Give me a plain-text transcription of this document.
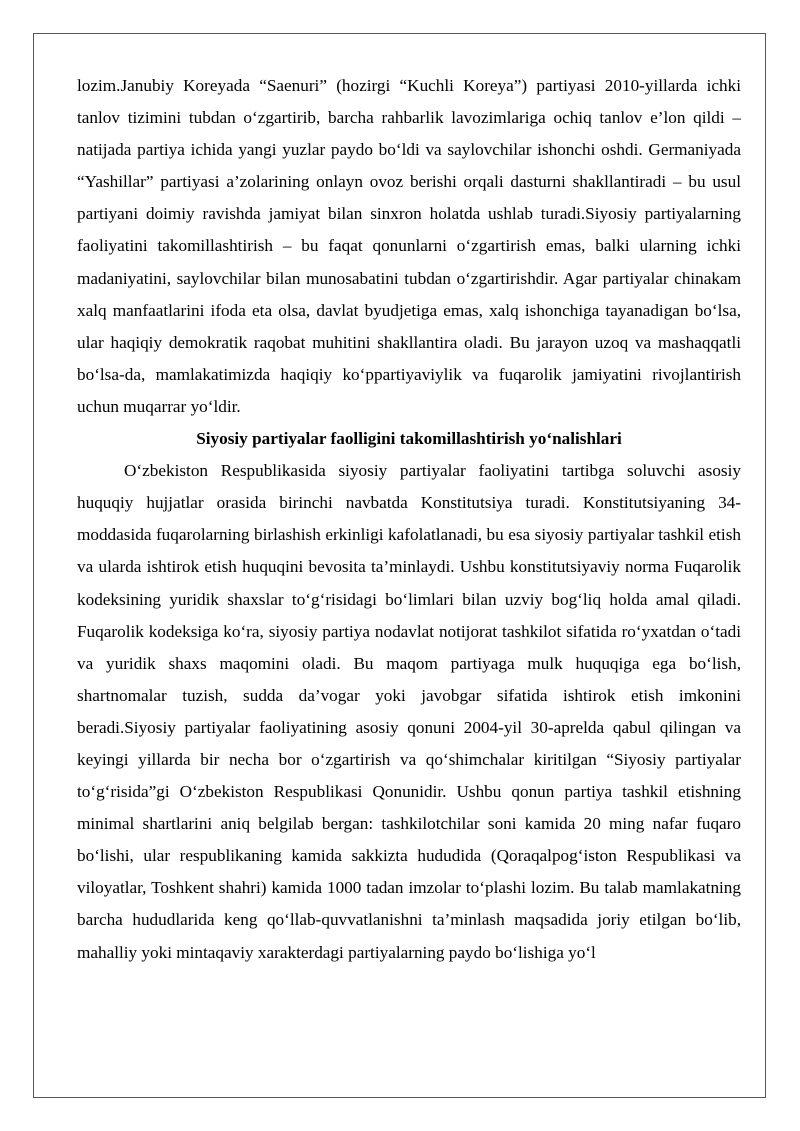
lozim.Janubiy Koreyada “Saenuri” (hozirgi “Kuchli Koreya”) partiyasi 2010-yillarda ichki tanlov tizimini tubdan o‘zgartirib, barcha rahbarlik lavozimlariga ochiq tanlov e’lon qildi – natijada partiya ichida yangi yuzlar paydo bo‘ldi va saylovchilar ishonchi oshdi. Germaniyada “Yashillar” partiyasi a’zolarining onlayn ovoz berishi orqali dasturni shakllantiradi – bu usul partiyani doimiy ravishda jamiyat bilan sinxron holatda ushlab turadi.Siyosiy partiyalarning faoliyatini takomillashtirish – bu faqat qonunlarni o‘zgartirish emas, balki ularning ichki madaniyatini, saylovchilar bilan munosabatini tubdan o‘zgartirishdir. Agar partiyalar chinakam xalq manfaatlarini ifoda eta olsa, davlat byudjetiga emas, xalq ishonchiga tayanadigan bo‘lsa, ular haqiqiy demokratik raqobat muhitini shakllantira oladi. Bu jarayon uzoq va mashaqqatli bo‘lsa-da, mamlakatimizda haqiqiy ko‘ppartiyaviylik va fuqarolik jamiyatini rivojlantirish uchun muqarrar yo‘ldir.

Siyosiy partiyalar faolligini takomillashtirish yo‘nalishlari

O‘zbekiston Respublikasida siyosiy partiyalar faoliyatini tartibga soluvchi asosiy huquqiy hujjatlar orasida birinchi navbatda Konstitutsiya turadi. Konstitutsiyaning 34-moddasida fuqarolarning birlashish erkinligi kafolatlanadi, bu esa siyosiy partiyalar tashkil etish va ularda ishtirok etish huquqini bevosita ta’minlaydi. Ushbu konstitutsiyaviy norma Fuqarolik kodeksining yuridik shaxslar to‘g‘risidagi bo‘limlari bilan uzviy bog‘liq holda amal qiladi. Fuqarolik kodeksiga ko‘ra, siyosiy partiya nodavlat notijorat tashkilot sifatida ro‘yxatdan o‘tadi va yuridik shaxs maqomini oladi. Bu maqom partiyaga mulk huquqiga ega bo‘lish, shartnomalar tuzish, sudda da’vogar yoki javobgar sifatida ishtirok etish imkonini beradi.Siyosiy partiyalar faoliyatining asosiy qonuni 2004-yil 30-aprelda qabul qilingan va keyingi yillarda bir necha bor o‘zgartirish va qo‘shimchalar kiritilgan “Siyosiy partiyalar to‘g‘risida”gi O‘zbekiston Respublikasi Qonunidir. Ushbu qonun partiya tashkil etishning minimal shartlarini aniq belgilab bergan: tashkilotchilar soni kamida 20 ming nafar fuqaro bo‘lishi, ular respublikaning kamida sakkizta hududida (Qoraqalpog‘iston Respublikasi va viloyatlar, Toshkent shahri) kamida 1000 tadan imzolar to‘plashi lozim. Bu talab mamlakatning barcha hududlarida keng qo‘llab-quvvatlanishni ta’minlash maqsadida joriy etilgan bo‘lib, mahalliy yoki mintaqaviy xarakterdagi partiyalarning paydo bo‘lishiga yo‘l
